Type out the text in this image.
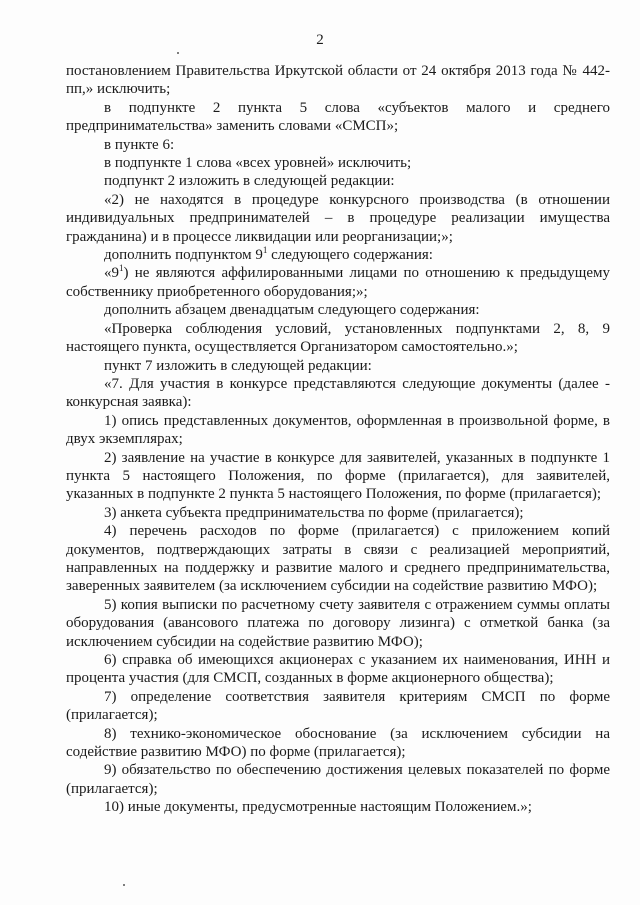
2

постановлением Правительства Иркутской области от 24 октября 2013 года № 442-пп,» исключить;

в подпункте 2 пункта 5 слова «субъектов малого и среднего предпринимательства» заменить словами «СМСП»;

в пункте 6:

в подпункте 1 слова «всех уровней» исключить;

подпункт 2 изложить в следующей редакции:

«2) не находятся в процедуре конкурсного производства (в отношении индивидуальных предпринимателей – в процедуре реализации имущества гражданина) и в процессе ликвидации или реорганизации;»;

дополнить подпунктом $9^1$ следующего содержания:

«$9^1$) не являются аффилированными лицами по отношению к предыдущему собственнику приобретенного оборудования;»;

дополнить абзацем двенадцатым следующего содержания:

«Проверка соблюдения условий, установленных подпунктами 2, 8, 9 настоящего пункта, осуществляется Организатором самостоятельно.»;

пункт 7 изложить в следующей редакции:

«7. Для участия в конкурсе представляются следующие документы (далее - конкурсная заявка):

1) опись представленных документов, оформленная в произвольной форме, в двух экземплярах;

2) заявление на участие в конкурсе для заявителей, указанных в подпункте 1 пункта 5 настоящего Положения, по форме (прилагается), для заявителей, указанных в подпункте 2 пункта 5 настоящего Положения, по форме (прилагается);

3) анкета субъекта предпринимательства по форме (прилагается);

4) перечень расходов по форме (прилагается) с приложением копий документов, подтверждающих затраты в связи с реализацией мероприятий, направленных на поддержку и развитие малого и среднего предпринимательства, заверенных заявителем (за исключением субсидии на содействие развитию МФО);

5) копия выписки по расчетному счету заявителя с отражением суммы оплаты оборудования (авансового платежа по договору лизинга) с отметкой банка (за исключением субсидии на содействие развитию МФО);

6) справка об имеющихся акционерах с указанием их наименования, ИНН и процента участия (для СМСП, созданных в форме акционерного общества);

7) определение соответствия заявителя критериям СМСП по форме (прилагается);

8) технико-экономическое обоснование (за исключением субсидии на содействие развитию МФО) по форме (прилагается);

9) обязательство по обеспечению достижения целевых показателей по форме (прилагается);

10) иные документы, предусмотренные настоящим Положением.»;
